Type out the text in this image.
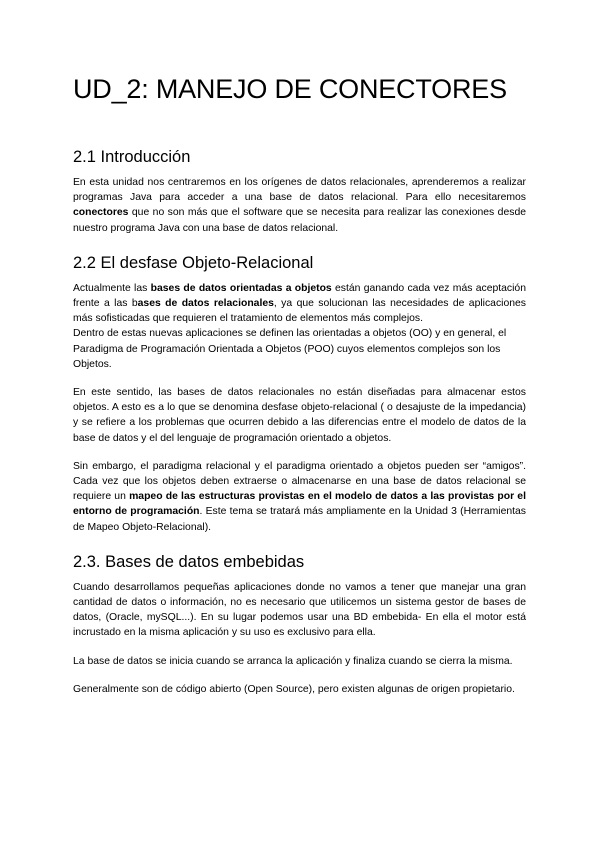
UD_2: MANEJO DE CONECTORES
2.1 Introducción

En esta unidad nos centraremos en los orígenes de datos relacionales, aprenderemos a realizar programas Java para acceder a una base de datos relacional. Para ello necesitaremos conectores que no son más que el software que se necesita para realizar las conexiones desde nuestro programa Java con una base de datos relacional.

2.2 El desfase Objeto-Relacional

Actualmente las bases de datos orientadas a objetos están ganando cada vez más aceptación frente a las bases de datos relacionales, ya que solucionan las necesidades de aplicaciones más sofisticadas que requieren el tratamiento de elementos más complejos.

Dentro de estas nuevas aplicaciones se definen las orientadas a objetos (OO) y en general, el Paradigma de Programación Orientada a Objetos (POO) cuyos elementos complejos son los Objetos.

En este sentido, las bases de datos relacionales no están diseñadas para almacenar estos objetos. A esto es a lo que se denomina desfase objeto-relacional ( o desajuste de la impedancia) y se refiere a los problemas que ocurren debido a las diferencias entre el modelo de datos de la base de datos y el del lenguaje de programación orientado a objetos.

Sin embargo, el paradigma relacional y el paradigma orientado a objetos pueden ser “amigos”. Cada vez que los objetos deben extraerse o almacenarse en una base de datos relacional se requiere un mapeo de las estructuras provistas en el modelo de datos a las provistas por el entorno de programación. Este tema se tratará más ampliamente en la Unidad 3 (Herramientas de Mapeo Objeto-Relacional).

2.3. Bases de datos embebidas

Cuando desarrollamos pequeñas aplicaciones donde no vamos a tener que manejar una gran cantidad de datos o información, no es necesario que utilicemos un sistema gestor de bases de datos, (Oracle, mySQL...). En su lugar podemos usar una BD embebida- En ella el motor está incrustado en la misma aplicación y su uso es exclusivo para ella.

La base de datos se inicia cuando se arranca la aplicación y finaliza cuando se cierra la misma.

Generalmente son de código abierto (Open Source), pero existen algunas de origen propietario.
